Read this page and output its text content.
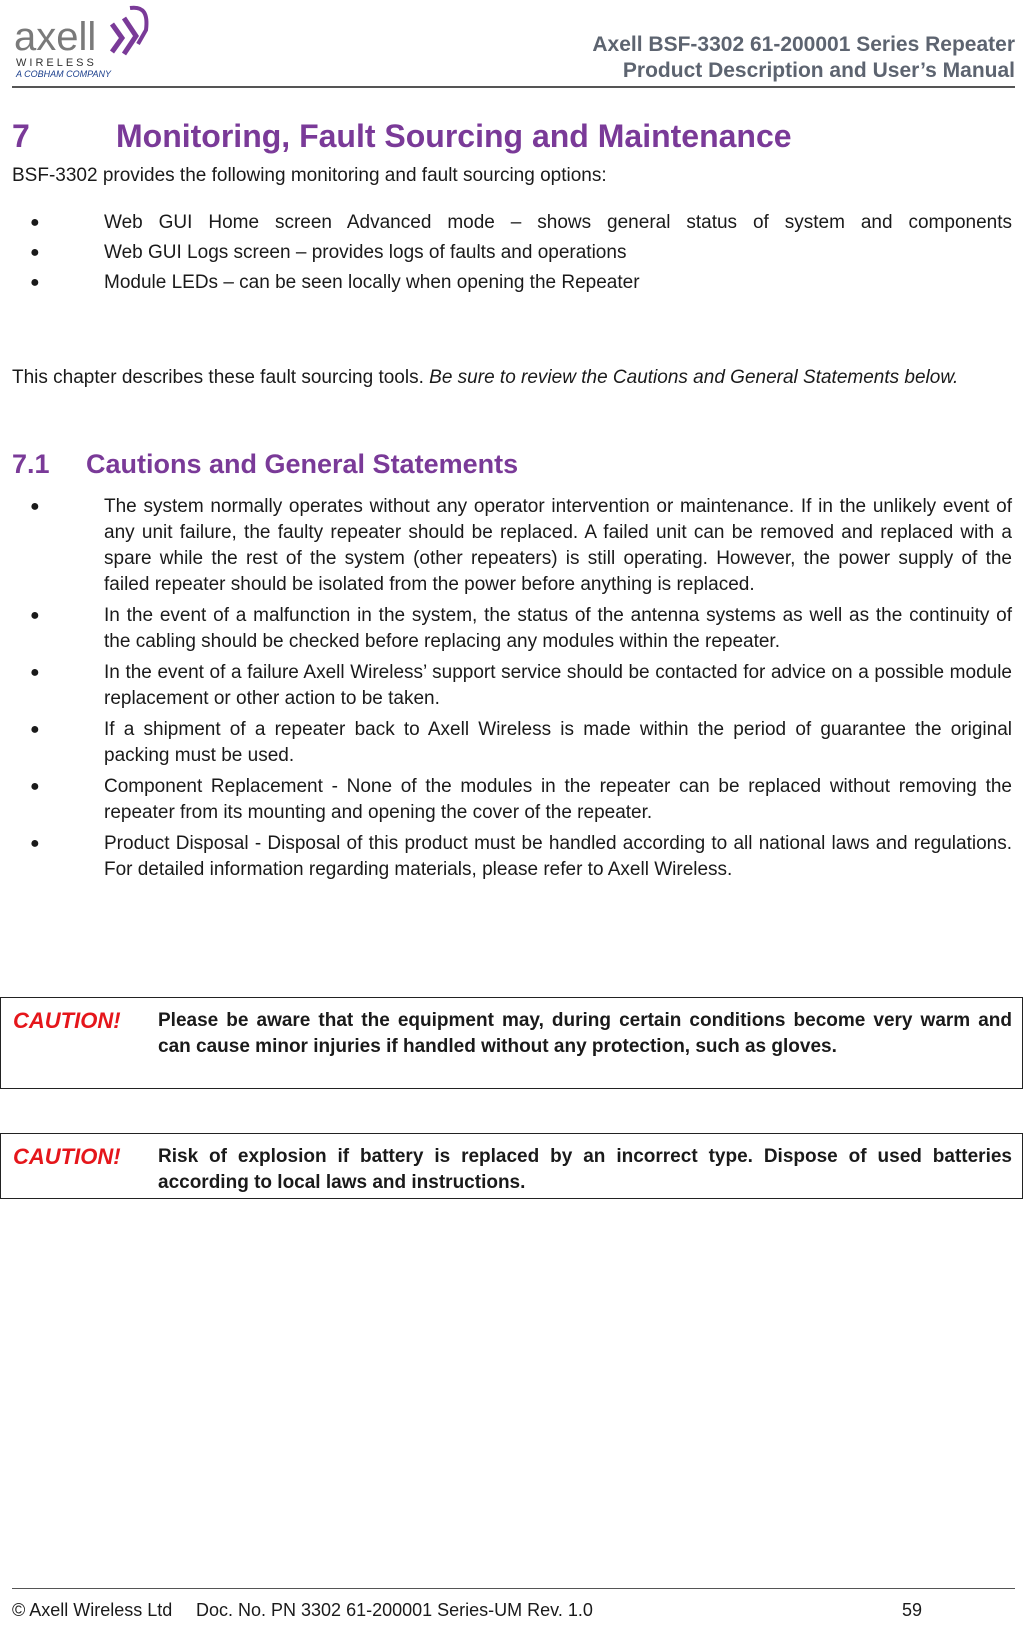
axell
WIRELESS
A COBHAM COMPANY
Axell BSF-3302 61-200001 Series Repeater
Product Description and User’s Manual
7	Monitoring, Fault Sourcing and Maintenance

BSF-3302 provides the following monitoring and fault sourcing options:

●	Web GUI Home screen Advanced mode – shows general status of system and components
●	Web GUI Logs screen – provides logs of faults and operations
●	Module LEDs – can be seen locally when opening the Repeater

This chapter describes these fault sourcing tools. Be sure to review the Cautions and General Statements below.

7.1 Cautions and General Statements
●	The system normally operates without any operator intervention or maintenance. If in the unlikely event of any unit failure, the faulty repeater should be replaced. A failed unit can be removed and replaced with a spare while the rest of the system (other repeaters) is still operating. However, the power supply of the failed repeater should be isolated from the power before anything is replaced.
●	In the event of a malfunction in the system, the status of the antenna systems as well as the continuity of the cabling should be checked before replacing any modules within the repeater.
●	In the event of a failure Axell Wireless’ support service should be contacted for advice on a possible module replacement or other action to be taken.
●	If a shipment of a repeater back to Axell Wireless is made within the period of guarantee the original packing must be used.
●	Component Replacement - None of the modules in the repeater can be replaced without removing the repeater from its mounting and opening the cover of the repeater.
●	Product Disposal - Disposal of this product must be handled according to all national laws and regulations. For detailed information regarding materials, please refer to Axell Wireless.
CAUTION! Please be aware that the equipment may, during certain conditions become very warm and can cause minor injuries if handled without any protection, such as gloves.
CAUTION! Risk of explosion if battery is replaced by an incorrect type. Dispose of used batteries according to local laws and instructions.
© Axell Wireless Ltd Doc. No. PN 3302 61-200001 Series-UM Rev. 1.0	59
